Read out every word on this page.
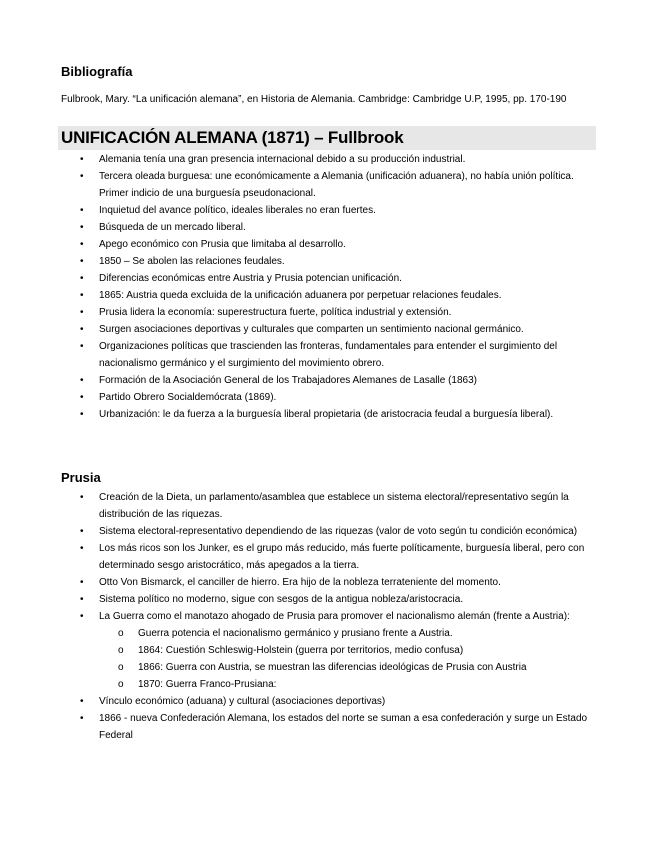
Bibliografía
Fulbrook, Mary. “La unificación alemana”, en Historia de Alemania. Cambridge: Cambridge U.P, 1995, pp. 170-190
UNIFICACIÓN ALEMANA (1871) – Fullbrook
• Alemania tenía una gran presencia internacional debido a su producción industrial.
• Tercera oleada burguesa: une económicamente a Alemania (unificación aduanera), no había unión política. Primer indicio de una burguesía pseudonacional.
• Inquietud del avance político, ideales liberales no eran fuertes.
• Búsqueda de un mercado liberal.
• Apego económico con Prusia que limitaba al desarrollo.
• 1850 – Se abolen las relaciones feudales.
• Diferencias económicas entre Austria y Prusia potencian unificación.
• 1865: Austria queda excluida de la unificación aduanera por perpetuar relaciones feudales.
• Prusia lidera la economía: superestructura fuerte, política industrial y extensión.
• Surgen asociaciones deportivas y culturales que comparten un sentimiento nacional germánico.
• Organizaciones políticas que trascienden las fronteras, fundamentales para entender el surgimiento del nacionalismo germánico y el surgimiento del movimiento obrero.
• Formación de la Asociación General de los Trabajadores Alemanes de Lasalle (1863)
• Partido Obrero Socialdemócrata (1869).
• Urbanización: le da fuerza a la burguesía liberal propietaria (de aristocracia feudal a burguesía liberal).
Prusia
• Creación de la Dieta, un parlamento/asamblea que establece un sistema electoral/representativo según la distribución de las riquezas.
• Sistema electoral-representativo dependiendo de las riquezas (valor de voto según tu condición económica)
• Los más ricos son los Junker, es el grupo más reducido, más fuerte políticamente, burguesía liberal, pero con determinado sesgo aristocrático, más apegados a la tierra.
• Otto Von Bismarck, el canciller de hierro. Era hijo de la nobleza terrateniente del momento.
• Sistema político no moderno, sigue con sesgos de la antigua nobleza/aristocracia.
• La Guerra como el manotazo ahogado de Prusia para promover el nacionalismo alemán (frente a Austria):
o Guerra potencia el nacionalismo germánico y prusiano frente a Austria.
o 1864: Cuestión Schleswig-Holstein (guerra por territorios, medio confusa)
o 1866: Guerra con Austria, se muestran las diferencias ideológicas de Prusia con Austria
o 1870: Guerra Franco-Prusiana:
• Vínculo económico (aduana) y cultural (asociaciones deportivas)
• 1866 - nueva Confederación Alemana, los estados del norte se suman a esa confederación y surge un Estado Federal
